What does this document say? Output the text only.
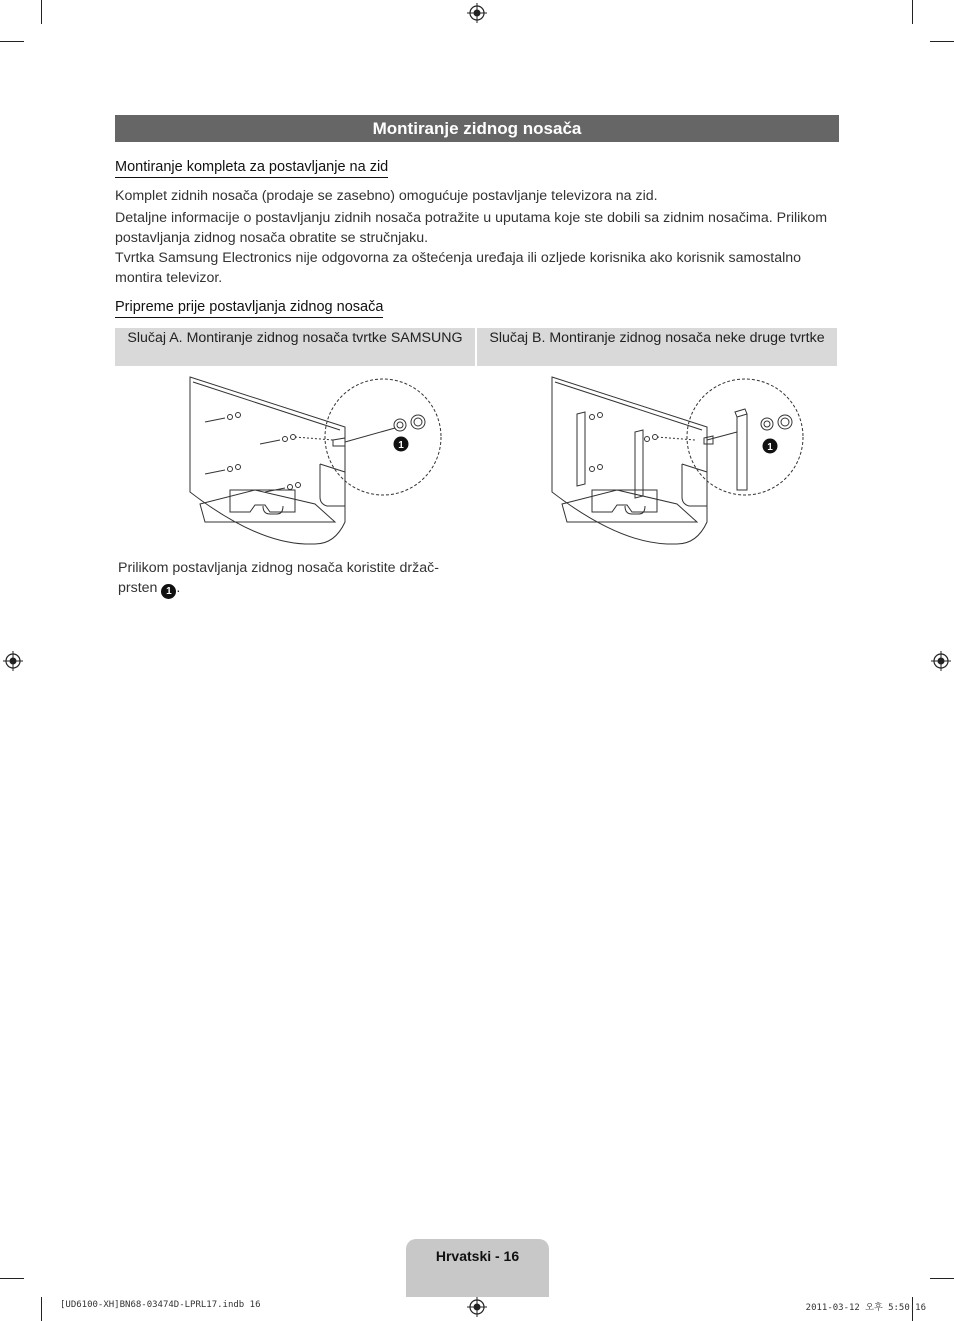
Montiranje zidnog nosača
Montiranje kompleta za postavljanje na zid
Komplet zidnih nosača (prodaje se zasebno) omogućuje postavljanje televizora na zid.
Detaljne informacije o postavljanju zidnih nosača potražite u uputama koje ste dobili sa zidnim nosačima. Prilikom postavljanja zidnog nosača obratite se stručnjaku.
Tvrtka Samsung Electronics nije odgovorna za oštećenja uređaja ili ozljede korisnika ako korisnik samostalno montira televizor.
Pripreme prije postavljanja zidnog nosača
Slučaj A. Montiranje zidnog nosača tvrtke SAMSUNG	Slučaj B. Montiranje zidnog nosača neke druge tvrtke
1	1
Prilikom postavljanja zidnog nosača koristite držač-prsten 1 .
Hrvatski - 16
[UD6100-XH]BN68-03474D-LPRL17.indb 16	2011-03-12 오후 5:50:16
